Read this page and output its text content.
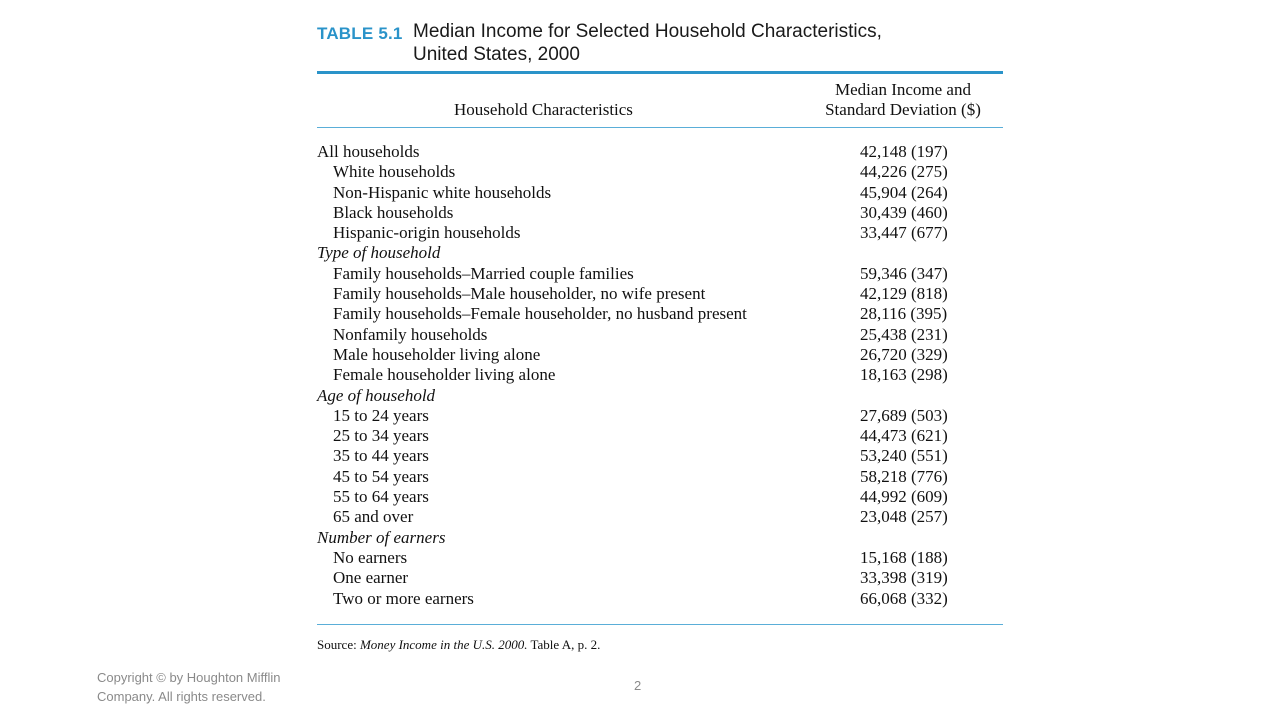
TABLE 5.1 Median Income for Selected Household Characteristics,
United States, 2000
Household Characteristics
Median Income and
Standard Deviation ($)
All households	42,148 (197)
White households	44,226 (275)
Non-Hispanic white households	45,904 (264)
Black households	30,439 (460)
Hispanic-origin households	33,447 (677)
Type of household
Family households–Married couple families	59,346 (347)
Family households–Male householder, no wife present	42,129 (818)
Family households–Female householder, no husband present	28,116 (395)
Nonfamily households	25,438 (231)
Male householder living alone	26,720 (329)
Female householder living alone	18,163 (298)
Age of household
15 to 24 years	27,689 (503)
25 to 34 years	44,473 (621)
35 to 44 years	53,240 (551)
45 to 54 years	58,218 (776)
55 to 64 years	44,992 (609)
65 and over	23,048 (257)
Number of earners
No earners	15,168 (188)
One earner	33,398 (319)
Two or more earners	66,068 (332)
Source: Money Income in the U.S. 2000. Table A, p. 2.
Copyright © by Houghton Mifflin Company. All rights reserved.
2
